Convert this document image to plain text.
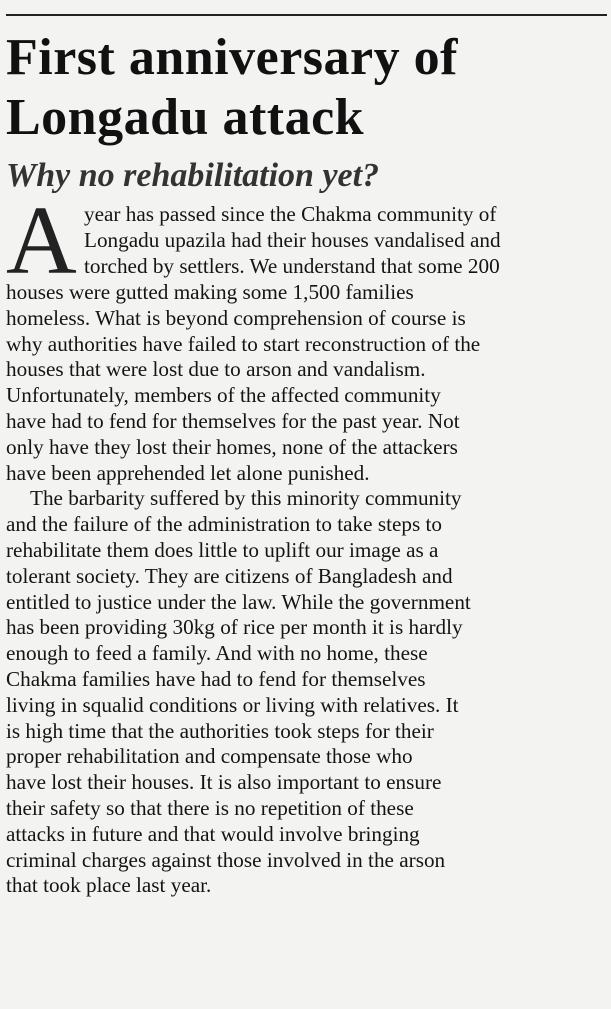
First anniversary of
Longadu attack
Why no rehabilitation yet?
A year has passed since the Chakma community of
Longadu upazila had their houses vandalised and
torched by settlers. We understand that some 200
houses were gutted making some 1,500 families
homeless. What is beyond comprehension of course is
why authorities have failed to start reconstruction of the
houses that were lost due to arson and vandalism.
Unfortunately, members of the affected community
have had to fend for themselves for the past year. Not
only have they lost their homes, none of the attackers
have been apprehended let alone punished.
The barbarity suffered by this minority community
and the failure of the administration to take steps to
rehabilitate them does little to uplift our image as a
tolerant society. They are citizens of Bangladesh and
entitled to justice under the law. While the government
has been providing 30kg of rice per month it is hardly
enough to feed a family. And with no home, these
Chakma families have had to fend for themselves
living in squalid conditions or living with relatives. It
is high time that the authorities took steps for their
proper rehabilitation and compensate those who
have lost their houses. It is also important to ensure
their safety so that there is no repetition of these
attacks in future and that would involve bringing
criminal charges against those involved in the arson
that took place last year.
